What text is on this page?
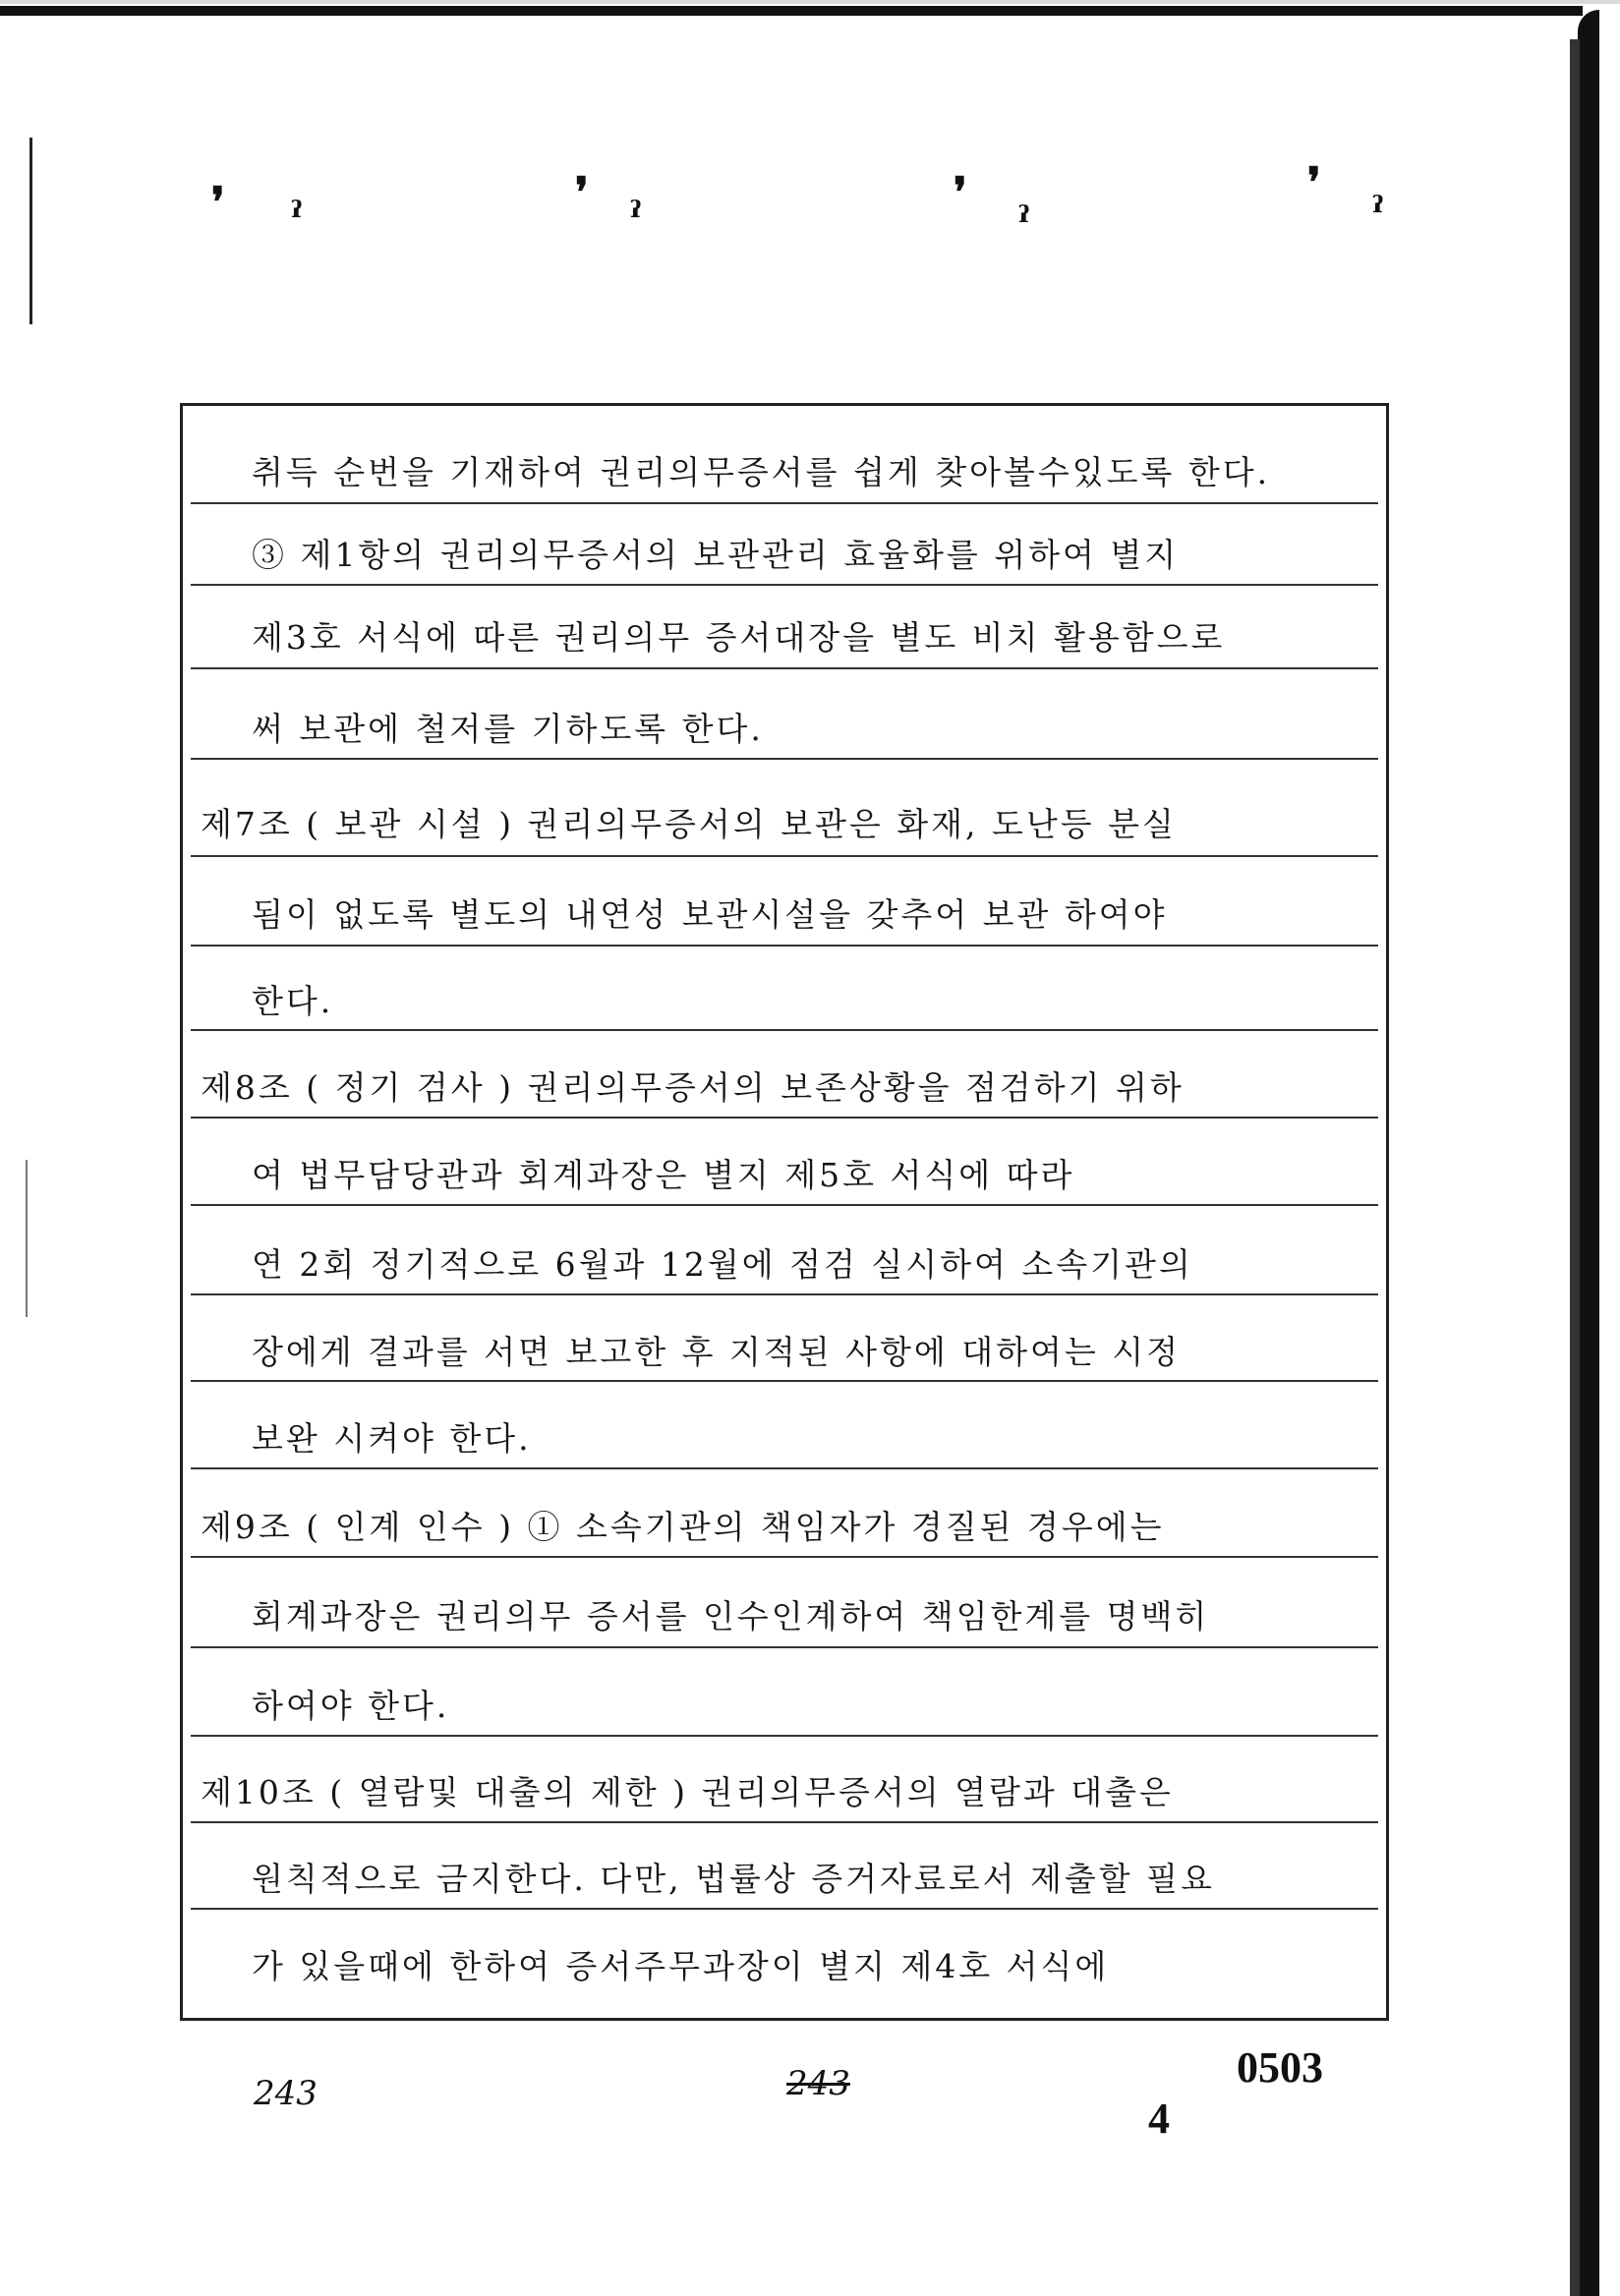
❜ ˀ
❜
ˀ
❜
ˀ
❜
ˀ
취득 순번을 기재하여 권리의무증서를 쉽게 찾아볼수있도록 한다.
③ 제1항의 권리의무증서의 보관관리 효율화를 위하여 별지
제3호 서식에 따른 권리의무 증서대장을 별도 비치 활용함으로
써 보관에 철저를 기하도록 한다.
제7조 ( 보관 시설 ) 권리의무증서의 보관은 화재, 도난등 분실
됨이 없도록 별도의 내연성 보관시설을 갖추어 보관 하여야
한다.
제8조 ( 정기 검사 ) 권리의무증서의 보존상황을 점검하기 위하
여 법무담당관과 회계과장은 별지 제5호 서식에 따라
연 2회 정기적으로 6월과 12월에 점검 실시하여 소속기관의
장에게 결과를 서면 보고한 후 지적된 사항에 대하여는 시정
보완 시켜야 한다.
제9조 ( 인계 인수 ) ① 소속기관의 책임자가 경질된 경우에는
회계과장은 권리의무 증서를 인수인계하여 책임한계를 명백히
하여야 한다.
제10조 ( 열람및 대출의 제한 ) 권리의무증서의 열람과 대출은
원칙적으로 금지한다. 다만, 법률상 증거자료로서 제출할 필요
가 있을때에 한하여 증서주무과장이 별지 제4호 서식에
243	243
4
0503
